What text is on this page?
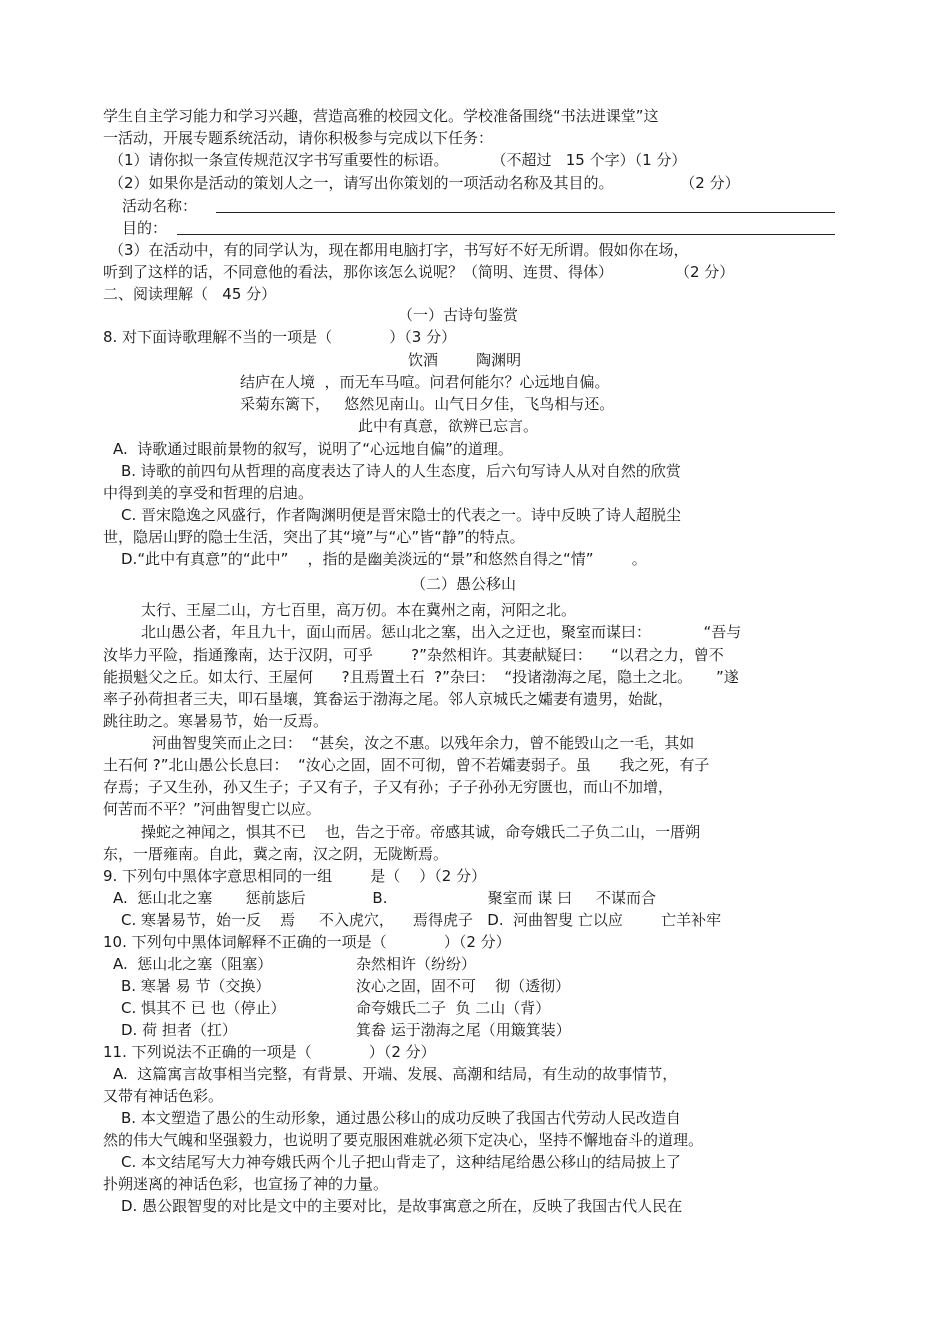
学生自主学习能力和学习兴趣，营造高雅的校园文化。学校准备围绕“书法进课堂”这
一活动，开展专题系统活动，请你积极参与完成以下任务：
（1）请你拟一条宣传规范汉字书写重要性的标语。         （不超过   15 个字）（1 分）
（2）如果你是活动的策划人之一，请写出你策划的一项活动名称及其目的。              （2 分）
活动名称：
目的：
（3）在活动中，有的同学认为，现在都用电脑打字，书写好不好无所谓。假如你在场，
听到了这样的话，不同意他的看法，那你该怎么说呢？（简明、连贯、得体）             （2 分）
二、阅读理解（   45 分）
（一）古诗句鉴赏
8. 对下面诗歌理解不当的一项是（            ）（3 分）
饮酒        陶渊明
结庐在人境  ，而无车马喧。问君何能尔？心远地自偏。
采菊东篱下，   悠然见南山。山气日夕佳，飞鸟相与还。
此中有真意，欲辨已忘言。
A.  诗歌通过眼前景物的叙写，说明了“心远地自偏”的道理。
B. 诗歌的前四句从哲理的高度表达了诗人的人生态度，后六句写诗人从对自然的欣赏
中得到美的享受和哲理的启迪。
C. 晋宋隐逸之风盛行，作者陶渊明便是晋宋隐士的代表之一。诗中反映了诗人超脱尘
世，隐居山野的隐士生活，突出了其“境”与“心”皆“静”的特点。
D.“此中有真意”的“此中”    ，指的是幽美淡远的“景”和悠然自得之“情”        。
（二）愚公移山
太行、王屋二山，方七百里，高万仞。本在冀州之南，河阳之北。
北山愚公者，年且九十，面山而居。惩山北之塞，出入之迂也，聚室而谋曰：           “吾与
汝毕力平险，指通豫南，达于汉阴，可乎        ?”杂然相许。其妻献疑曰：    “以君之力，曾不
能损魁父之丘。如太行、王屋何      ?且焉置土石  ?”杂曰：  “投诸渤海之尾，隐土之北。     ”遂
率子孙荷担者三夫，叩石垦壤，箕畚运于渤海之尾。邻人京城氏之孀妻有遗男，始龀，
跳往助之。寒暑易节，始一反焉。
河曲智叟笑而止之曰：  “甚矣，汝之不惠。以残年余力，曾不能毁山之一毛，其如
土石何 ?”北山愚公长息曰：  “汝心之固，固不可彻，曾不若孀妻弱子。虽      我之死，有子
存焉；子又生孙，孙又生子；子又有子，子又有孙；子子孙孙无穷匮也，而山不加增，
何苦而不平？”河曲智叟亡以应。
操蛇之神闻之，惧其不已    也，告之于帝。帝感其诚，命夸娥氏二子负二山，一厝朔
东，一厝雍南。自此，冀之南，汉之阴，无陇断焉。
9. 下列句中黑体字意思相同的一组        是（    ）（2 分）
A.  惩山北之塞       惩前毖后              B.                     聚室而 谋 曰     不谋而合
C. 寒暑易节，始一反    焉     不入虎穴，    焉得虎子   D.  河曲智叟 亡以应        亡羊补牢
10. 下列句中黑体词解释不正确的一项是（            ）（2 分）
A.  惩山北之塞（阻塞）	杂然相许（纷纷）
B. 寒暑 易 节（交换）	汝心之固，固不可    彻（透彻）
C. 惧其不 已 也（停止）	命夸娥氏二子  负 二山（背）
D. 荷 担者（扛）	箕畚 运于渤海之尾（用簸箕装）
11. 下列说法不正确的一项是（            ）（2 分）
A.  这篇寓言故事相当完整，有背景、开端、发展、高潮和结局，有生动的故事情节，
又带有神话色彩。
B. 本文塑造了愚公的生动形象，通过愚公移山的成功反映了我国古代劳动人民改造自
然的伟大气魄和坚强毅力，也说明了要克服困难就必须下定决心，坚持不懈地奋斗的道理。
C. 本文结尾写大力神夸娥氏两个儿子把山背走了，这种结尾给愚公移山的结局披上了
扑朔迷离的神话色彩，也宣扬了神的力量。
D. 愚公跟智叟的对比是文中的主要对比，是故事寓意之所在，反映了我国古代人民在
